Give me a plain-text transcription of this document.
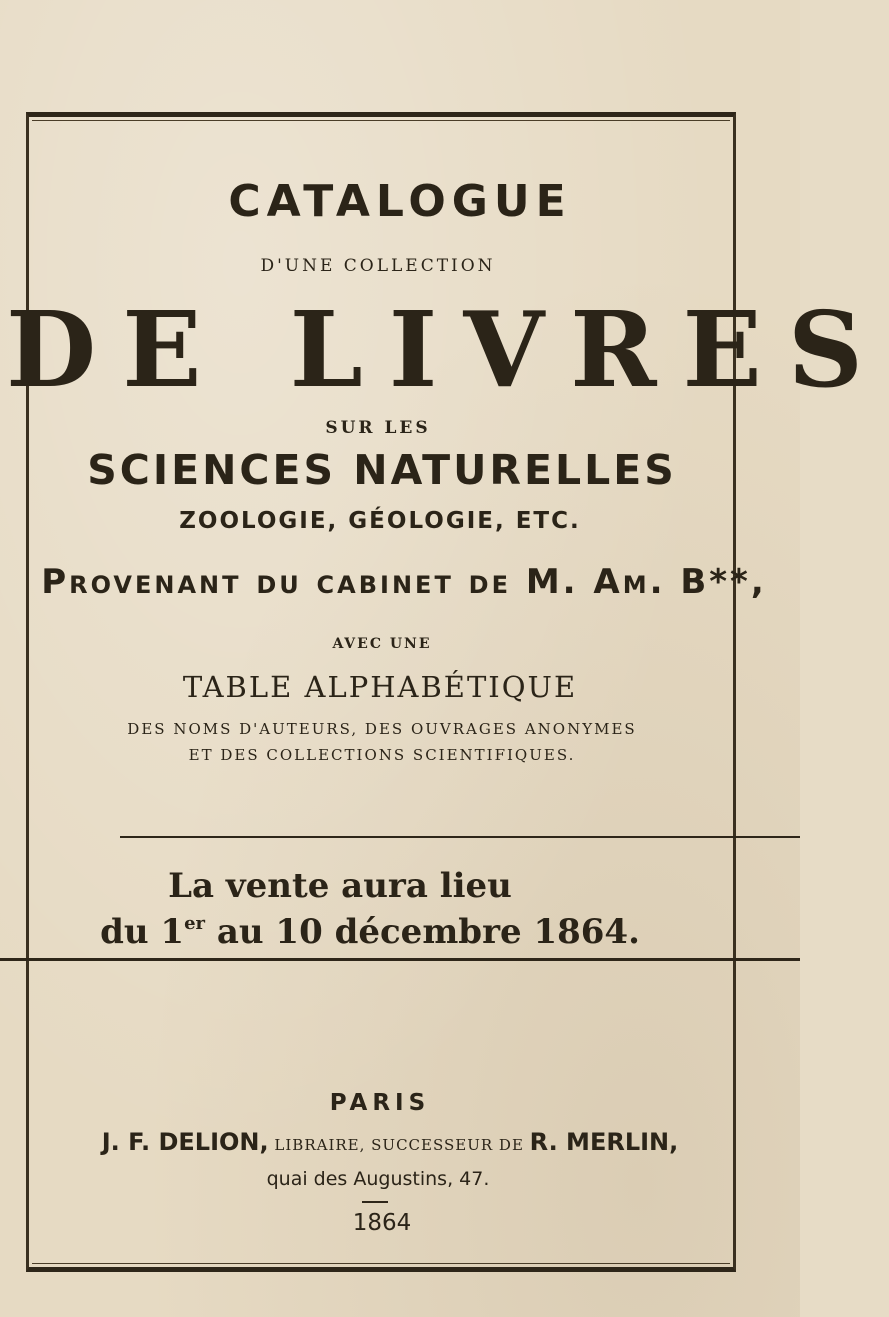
CATALOGUE
D'UNE COLLECTION
DE LIVRES
SUR LES
SCIENCES NATURELLES
ZOOLOGIE, GÉOLOGIE, ETC.
Provenant du cabinet de M. Am. B**,
AVEC UNE
TABLE ALPHABÉTIQUE
DES NOMS D'AUTEURS, DES OUVRAGES ANONYMES
ET DES COLLECTIONS SCIENTIFIQUES.
La vente aura lieu
du 1er au 10 décembre 1864.
PARIS
J. F. DELION, LIBRAIRE, SUCCESSEUR DE R. MERLIN,
quai des Augustins, 47.
1864
